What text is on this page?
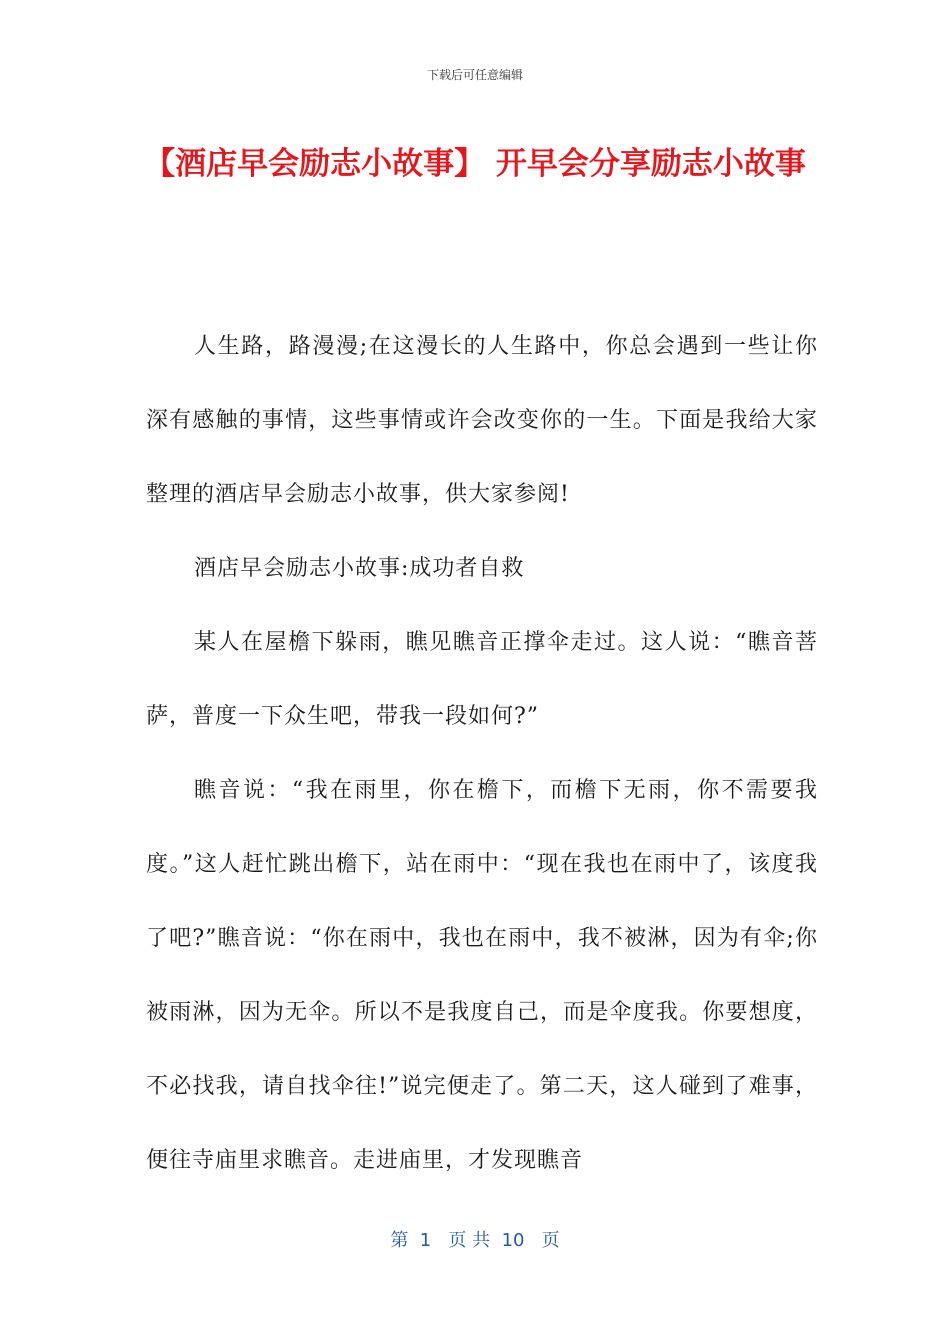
下载后可任意编辑
【酒店早会励志小故事】 开早会分享励志小故事

人生路，路漫漫;在这漫长的人生路中，你总会遇到一些让你深有感触的事情，这些事情或许会改变你的一生。下面是我给大家整理的酒店早会励志小故事，供大家参阅!

酒店早会励志小故事:成功者自救

某人在屋檐下躲雨，瞧见瞧音正撑伞走过。这人说：“瞧音菩萨，普度一下众生吧，带我一段如何?”

瞧音说：“我在雨里，你在檐下，而檐下无雨，你不需要我度。”这人赶忙跳出檐下，站在雨中：“现在我也在雨中了，该度我了吧?”瞧音说：“你在雨中，我也在雨中，我不被淋，因为有伞;你被雨淋，因为无伞。所以不是我度自己，而是伞度我。你要想度，不必找我，请自找伞往!”说完便走了。第二天，这人碰到了难事，便往寺庙里求瞧音。走进庙里，才发现瞧音

第  1   页 共  10   页
